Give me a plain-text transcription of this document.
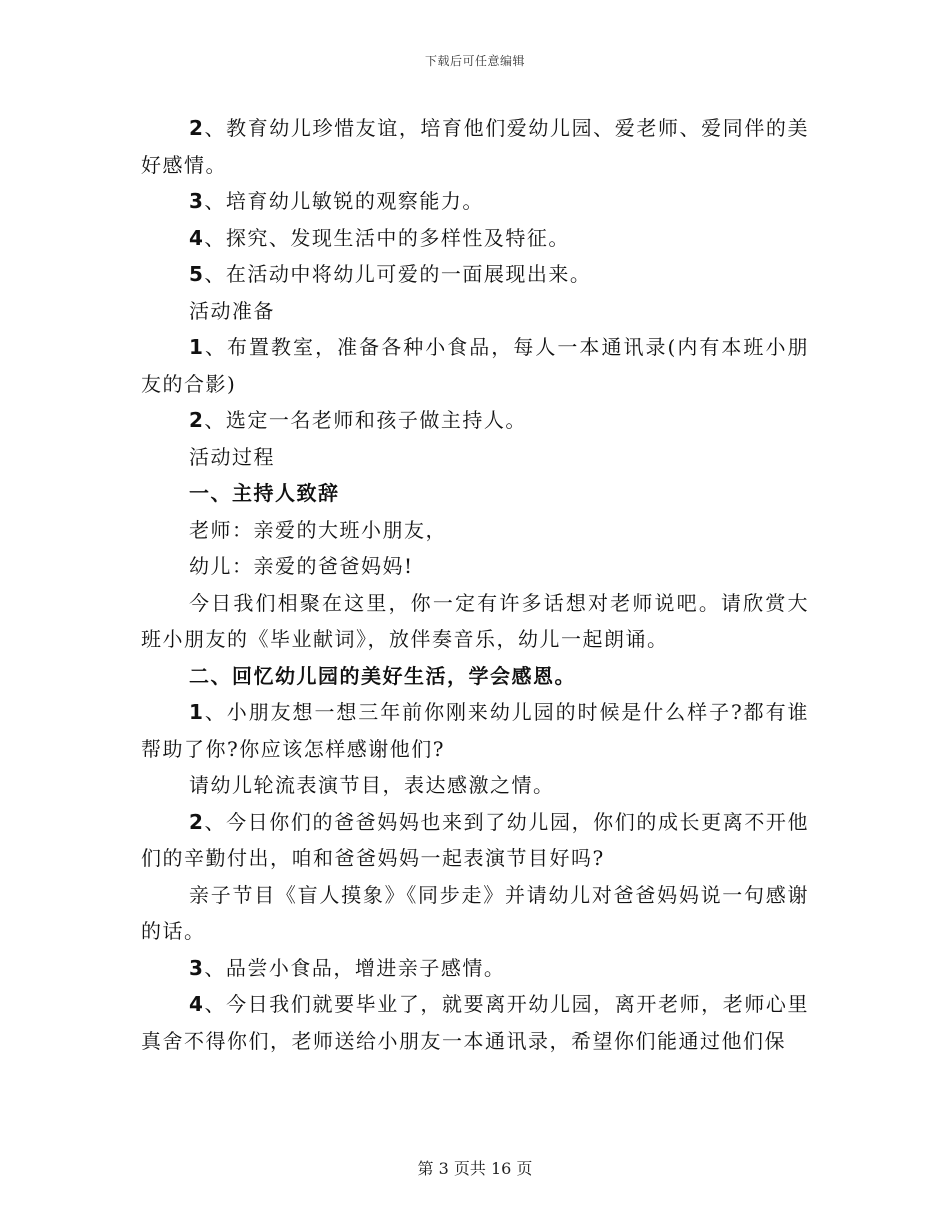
下载后可任意编辑

2、教育幼儿珍惜友谊，培育他们爱幼儿园、爱老师、爱同伴的美好感情。

3、培育幼儿敏锐的观察能力。

4、探究、发现生活中的多样性及特征。

5、在活动中将幼儿可爱的一面展现出来。

活动准备

1、布置教室，准备各种小食品，每人一本通讯录(内有本班小朋友的合影)

2、选定一名老师和孩子做主持人。

活动过程

一、主持人致辞

老师：亲爱的大班小朋友，

幼儿：亲爱的爸爸妈妈!

今日我们相聚在这里，你一定有许多话想对老师说吧。请欣赏大班小朋友的《毕业献词》，放伴奏音乐，幼儿一起朗诵。

二、回忆幼儿园的美好生活，学会感恩。

1、小朋友想一想三年前你刚来幼儿园的时候是什么样子?都有谁帮助了你?你应该怎样感谢他们?

请幼儿轮流表演节目，表达感激之情。

2、今日你们的爸爸妈妈也来到了幼儿园，你们的成长更离不开他们的辛勤付出，咱和爸爸妈妈一起表演节目好吗?

亲子节目《盲人摸象》《同步走》并请幼儿对爸爸妈妈说一句感谢的话。

3、品尝小食品，增进亲子感情。

4、今日我们就要毕业了，就要离开幼儿园，离开老师，老师心里真舍不得你们，老师送给小朋友一本通讯录，希望你们能通过他们保

第 3 页共 16 页
